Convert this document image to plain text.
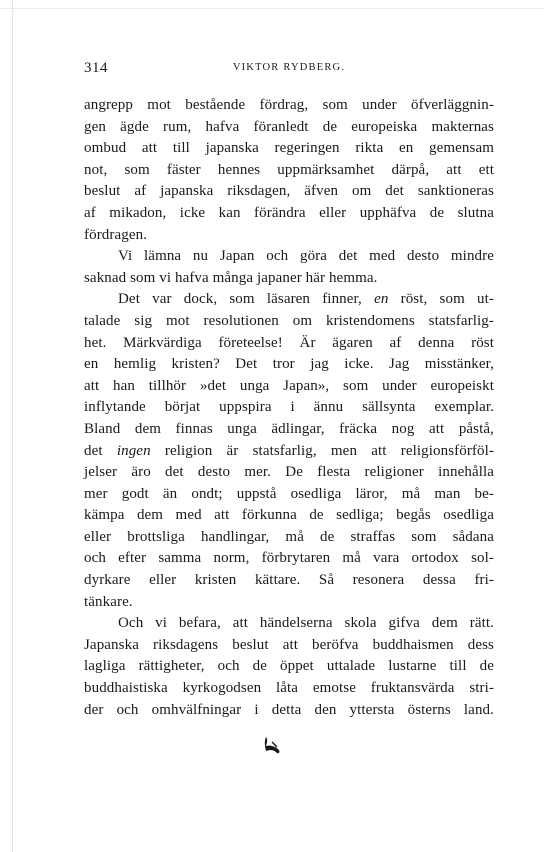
314	VIKTOR RYDBERG.
angrepp mot bestående fördrag, som under öfverläggnin-
gen ägde rum, hafva föranledt de europeiska makternas
ombud att till japanska regeringen rikta en gemensam
not, som fäster hennes uppmärksamhet därpå, att ett
beslut af japanska riksdagen, äfven om det sanktioneras
af mikadon, icke kan förändra eller upphäfva de slutna
fördragen.
Vi lämna nu Japan och göra det med desto mindre
saknad som vi hafva många japaner här hemma.
Det var dock, som läsaren finner, en röst, som ut-
talade sig mot resolutionen om kristendomens statsfarlig-
het. Märkvärdiga företeelse! Är ägaren af denna röst
en hemlig kristen? Det tror jag icke. Jag misstänker,
att han tillhör »det unga Japan», som under europeiskt
inflytande börjat uppspira i ännu sällsynta exemplar.
Bland dem finnas unga ädlingar, fräcka nog att påstå,
det ingen religion är statsfarlig, men att religionsförföl-
jelser äro det desto mer. De flesta religioner innehålla
mer godt än ondt; uppstå osedliga läror, må man be-
kämpa dem med att förkunna de sedliga; begås osedliga
eller brottsliga handlingar, må de straffas som sådana
och efter samma norm, förbrytaren må vara ortodox sol-
dyrkare eller kristen kättare. Så resonera dessa fri-
tänkare.
Och vi befara, att händelserna skola gifva dem rätt.
Japanska riksdagens beslut att beröfva buddhaismen dess
lagliga rättigheter, och de öppet uttalade lustarne till de
buddhaistiska kyrkogodsen låta emotse fruktansvärda stri-
der och omhvälfningar i detta den yttersta österns land.
